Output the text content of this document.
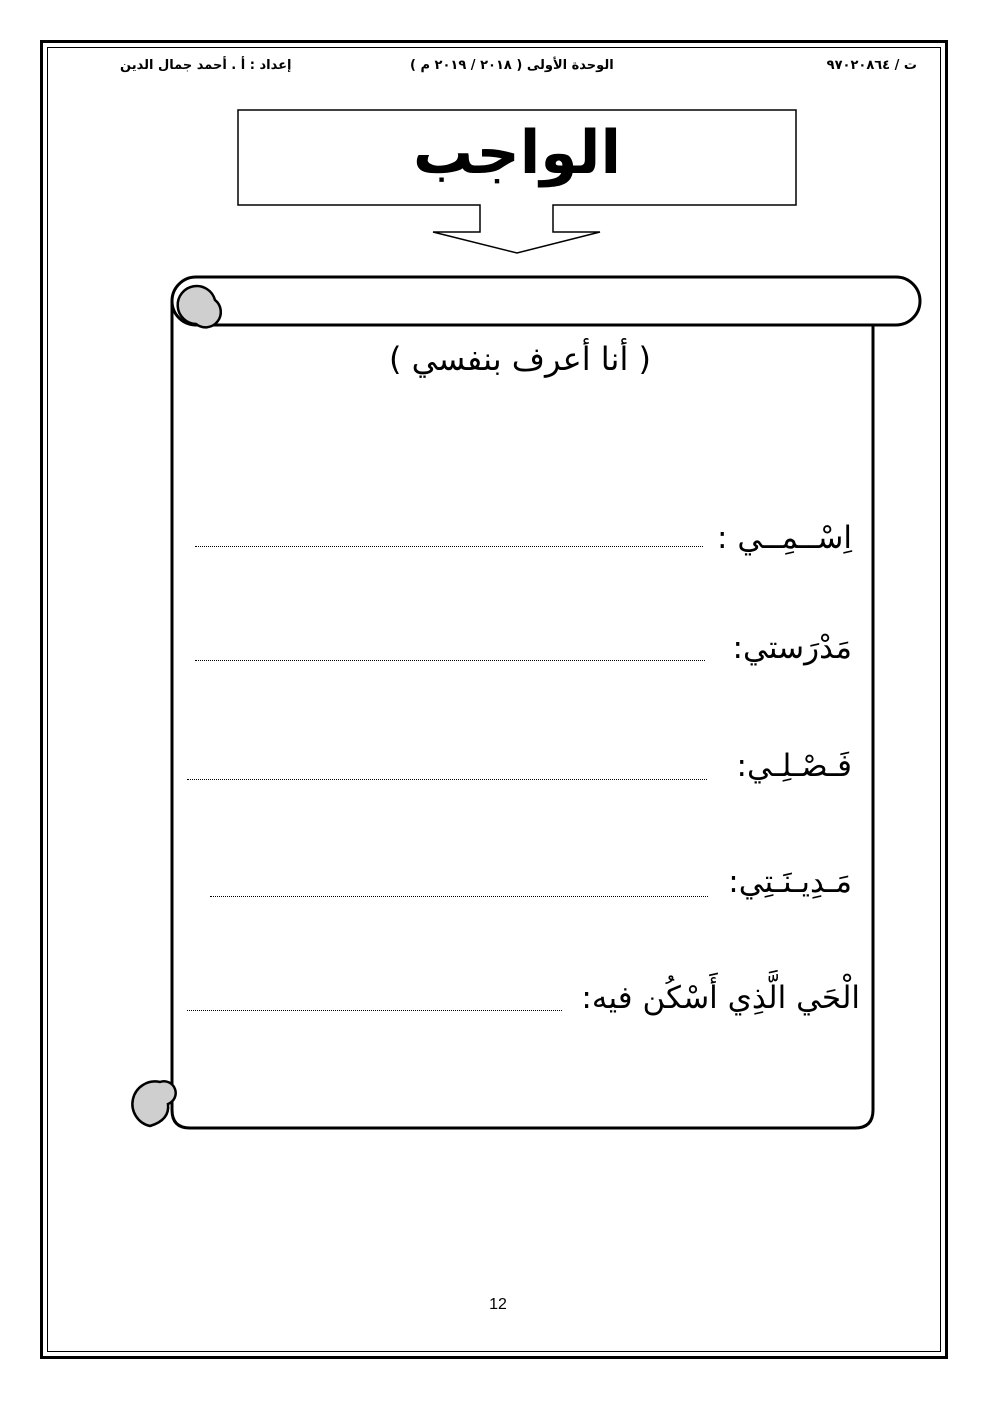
ت / ٩٧٠٢٠٨٦٤
الوحدة الأولى ( ٢٠١٨ / ٢٠١٩ م )
إعداد : أ . أحمد جمال الدين
الواجب
( أنا أعرف بنفسي )
اِسْــمِــي :
مَدْرَستي:
فَـصْـلِـي:
مَـدِيـنَـتِي:
الْحَي الَّذِي أَسْكُن فيه:
12
